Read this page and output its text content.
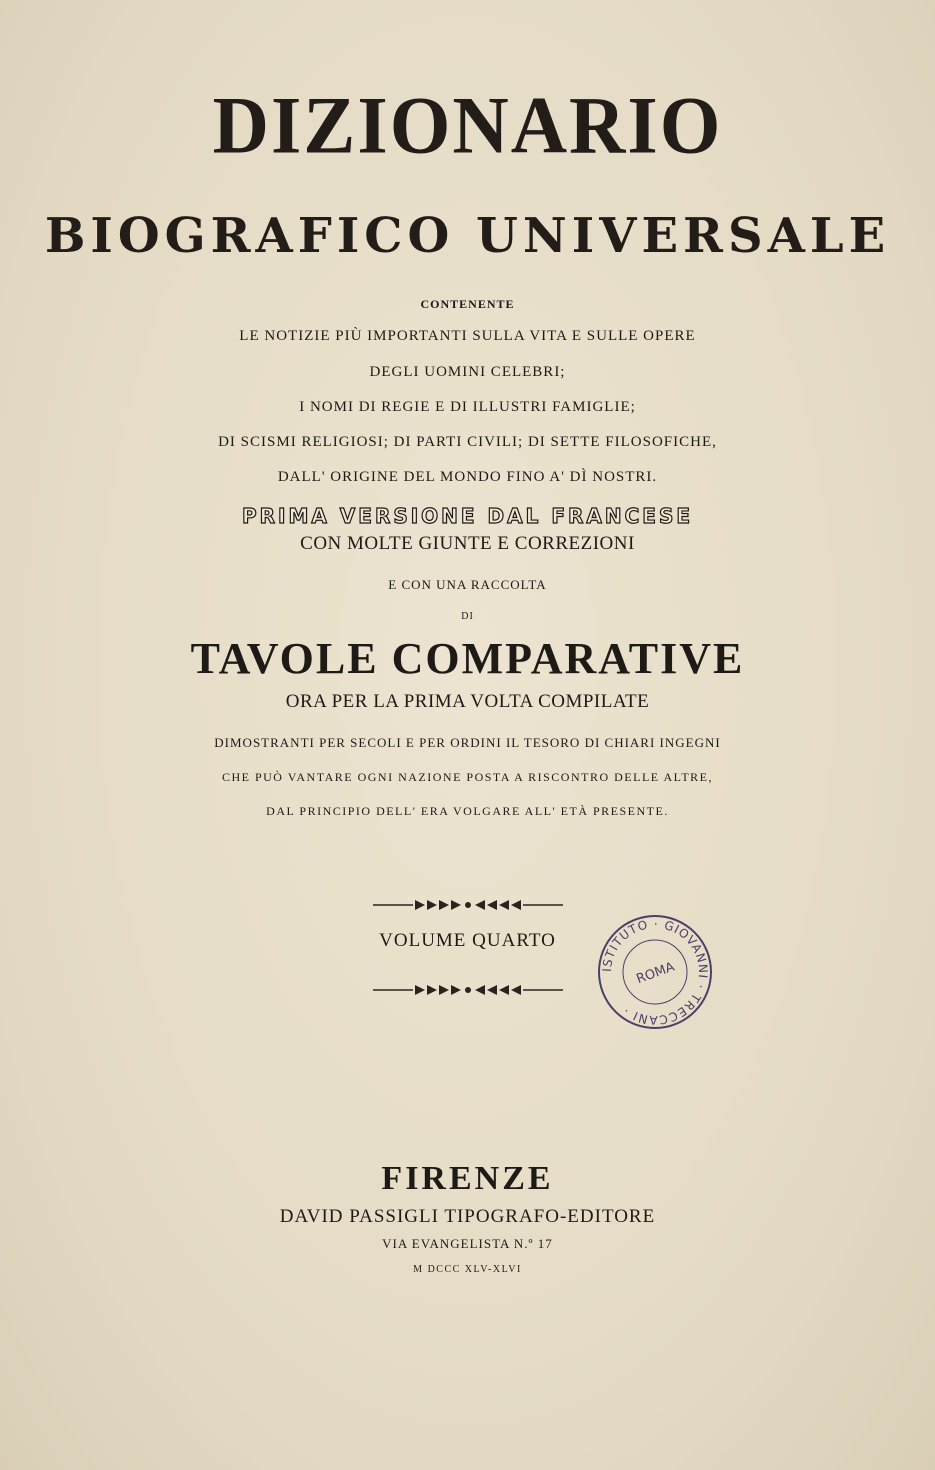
DIZIONARIO
BIOGRAFICO UNIVERSALE
CONTENENTE
LE NOTIZIE PIÙ IMPORTANTI SULLA VITA E SULLE OPERE
DEGLI UOMINI CELEBRI;
I NOMI DI REGIE E DI ILLUSTRI FAMIGLIE;
DI SCISMI RELIGIOSI; DI PARTI CIVILI; DI SETTE FILOSOFICHE,
DALL' ORIGINE DEL MONDO FINO A' DÌ NOSTRI.
PRIMA VERSIONE DAL FRANCESE
CON MOLTE GIUNTE E CORREZIONI
E CON UNA RACCOLTA
DI
TAVOLE COMPARATIVE
ORA PER LA PRIMA VOLTA COMPILATE
DIMOSTRANTI PER SECOLI E PER ORDINI IL TESORO DI CHIARI INGEGNI
CHE PUÒ VANTARE OGNI NAZIONE POSTA A RISCONTRO DELLE ALTRE,
DAL PRINCIPIO DELL' ERA VOLGARE ALL' ETÀ PRESENTE.
VOLUME QUARTO
ISTITUTO · GIOVANNI · TRECCANI ·
ROMA
FIRENZE
DAVID PASSIGLI TIPOGRAFO-EDITORE
VIA EVANGELISTA N.º 17
M DCCC XLV-XLVI
